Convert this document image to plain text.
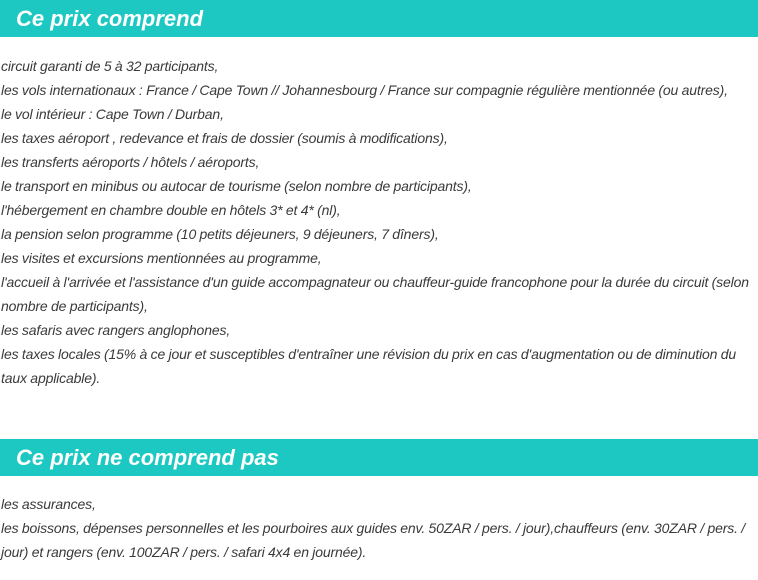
Ce prix comprend
circuit garanti de 5 à 32 participants,
les vols internationaux : France / Cape Town // Johannesbourg / France sur compagnie régulière mentionnée (ou autres),
le vol intérieur : Cape Town / Durban,
les taxes aéroport , redevance et frais de dossier (soumis à modifications),
les transferts aéroports / hôtels / aéroports,
le transport en minibus ou autocar de tourisme (selon nombre de participants),
l'hébergement en chambre double en hôtels 3* et 4* (nl),
la pension selon programme (10 petits déjeuners, 9 déjeuners, 7 dîners),
les visites et excursions mentionnées au programme,
l'accueil à l'arrivée et l'assistance d'un guide accompagnateur ou chauffeur-guide francophone pour la durée du circuit (selon nombre de participants),
les safaris avec rangers anglophones,
les taxes locales (15% à ce jour et susceptibles d'entraîner une révision du prix en cas d'augmentation ou de diminution du taux applicable).
Ce prix ne comprend pas
les assurances,
les boissons, dépenses personnelles et les pourboires aux guides env. 50ZAR / pers. / jour),chauffeurs (env. 30ZAR / pers. / jour) et rangers (env. 100ZAR / pers. / safari 4x4 en journée).
